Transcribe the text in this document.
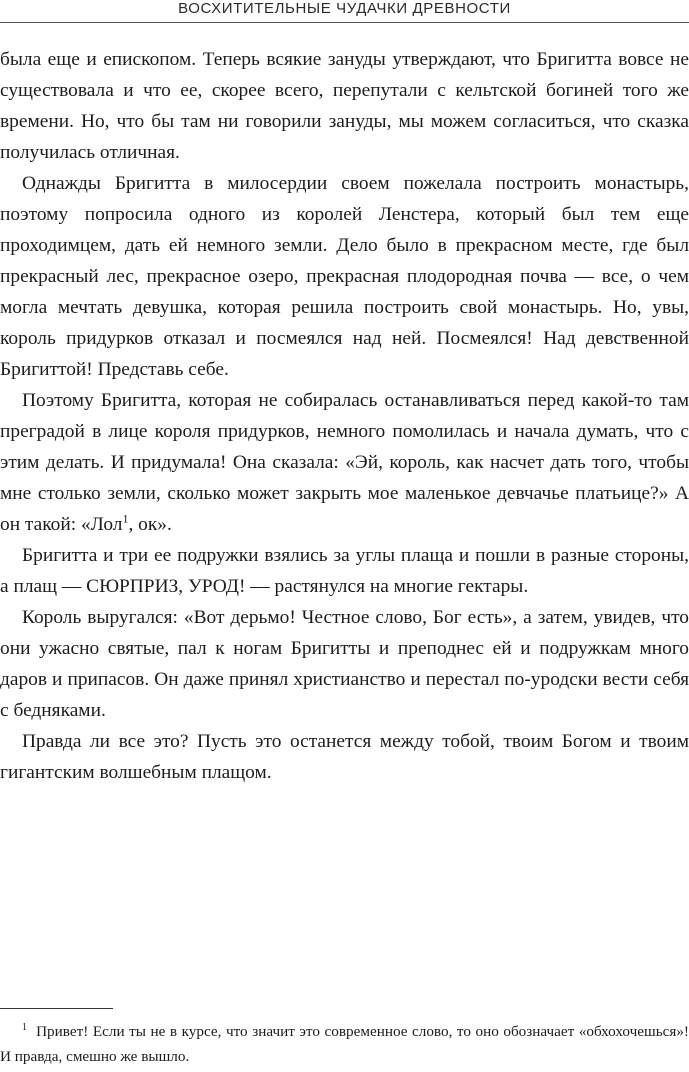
ВОСХИТИТЕЛЬНЫЕ ЧУДАЧКИ ДРЕВНОСТИ

была еще и епископом. Теперь всякие зануды утверждают, что Бригитта вовсе не существовала и что ее, скорее всего, перепутали с кельтской богиней того же времени. Но, что бы там ни говорили зануды, мы можем согласиться, что сказка получилась отличная.

Однажды Бригитта в милосердии своем пожелала построить монастырь, поэтому попросила одного из королей Ленстера, который был тем еще проходимцем, дать ей немного земли. Дело было в прекрасном месте, где был прекрасный лес, прекрасное озеро, прекрасная плодородная почва — все, о чем могла мечтать девушка, которая решила построить свой монастырь. Но, увы, король придурков отказал и посмеялся над ней. Посмеялся! Над девственной Бригиттой! Представь себе.

Поэтому Бригитта, которая не собиралась останавливаться перед какой-то там преградой в лице короля придурков, немного помолилась и начала думать, что с этим делать. И придумала! Она сказала: «Эй, король, как насчет дать того, чтобы мне столько земли, сколько может закрыть мое маленькое девчачье платьице?» А он такой: «Лол$^1$, ок».

Бригитта и три ее подружки взялись за углы плаща и пошли в разные стороны, а плащ — СЮРПРИЗ, УРОД! — растянулся на многие гектары.

Король выругался: «Вот дерьмо! Честное слово, Бог есть», а затем, увидев, что они ужасно святые, пал к ногам Бригитты и преподнес ей и подружкам много даров и припасов. Он даже принял христианство и перестал по-уродски вести себя с бедняками.

Правда ли все это? Пусть это останется между тобой, твоим Богом и твоим гигантским волшебным плащом.

$^1$ Привет! Если ты не в курсе, что значит это современное слово, то оно обозначает «обхохочешься»! И правда, смешно же вышло.
